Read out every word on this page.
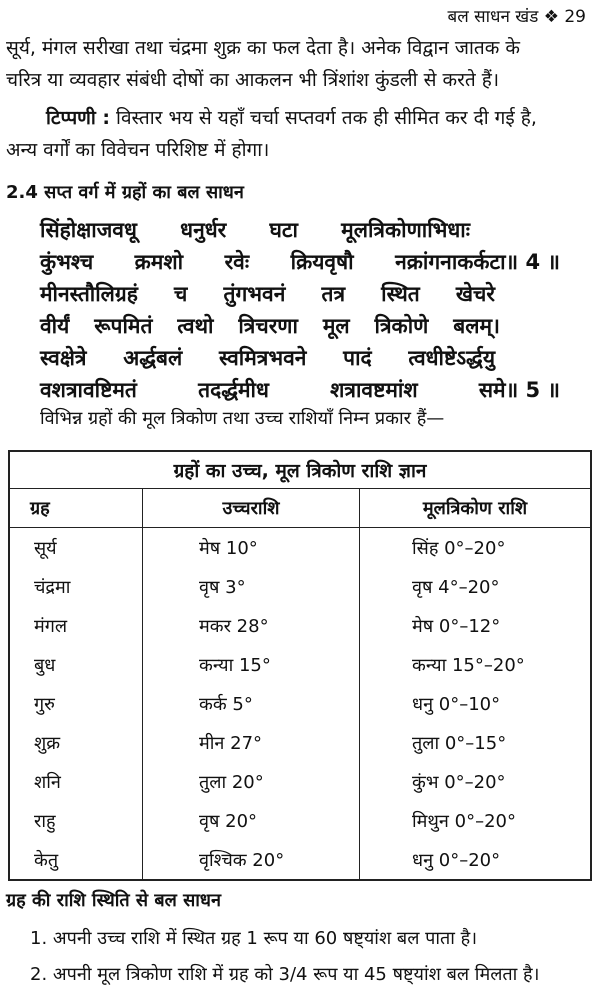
बल साधन खंड ❖ 29
सूर्य, मंगल सरीखा तथा चंद्रमा शुक्र का फल देता है। अनेक विद्वान जातक के
चरित्र या व्यवहार संबंधी दोषों का आकलन भी त्रिंशांश कुंडली से करते हैं।
टिप्पणी : विस्तार भय से यहाँ चर्चा सप्तवर्ग तक ही सीमित कर दी गई है,
अन्य वर्गों का विवेचन परिशिष्ट में होगा।
2.4 सप्त वर्ग में ग्रहों का बल साधन
सिंहोक्षाजवधू धनुर्धर घटा मूलत्रिकोणाभिधाः
कुंभश्च क्रमशो रवेः क्रियवृषौ नक्रांगनाकर्कटा॥ 4 ॥
मीनस्तौलिग्रहं च तुंगभवनं तत्र स्थित खेचरे
वीर्यं रूपमितं त्वथो त्रिचरणा मूल त्रिकोणे बलम्।
स्वक्षेत्रे अर्द्धबलं स्वमित्रभवने पादं त्वधीष्टेऽर्द्धयु
वशत्रावष्टिमतं	तदर्द्धमीध	शत्रावष्टमांश	समे॥ 5 ॥
विभिन्न ग्रहों की मूल त्रिकोण तथा उच्च राशियाँ निम्न प्रकार हैं—
ग्रहों का उच्च, मूल त्रिकोण राशि ज्ञान		
ग्रह	उच्चराशि	मूलत्रिकोण राशि
सूर्य	मेष 10°	सिंह 0°–20°
चंद्रमा	वृष 3°	वृष 4°–20°
मंगल	मकर 28°	मेष 0°–12°
बुध	कन्या 15°	कन्या 15°–20°
गुरु	कर्क 5°	धनु 0°–10°
शुक्र	मीन 27°	तुला 0°–15°
शनि	तुला 20°	कुंभ 0°–20°
राहु	वृष 20°	मिथुन 0°–20°
केतु	वृश्चिक 20°	धनु 0°–20°
ग्रह की राशि स्थिति से बल साधन
1. अपनी उच्च राशि में स्थित ग्रह 1 रूप या 60 षष्ट्यांश बल पाता है।
2. अपनी मूल त्रिकोण राशि में ग्रह को 3/4 रूप या 45 षष्ट्यांश बल मिलता है।
